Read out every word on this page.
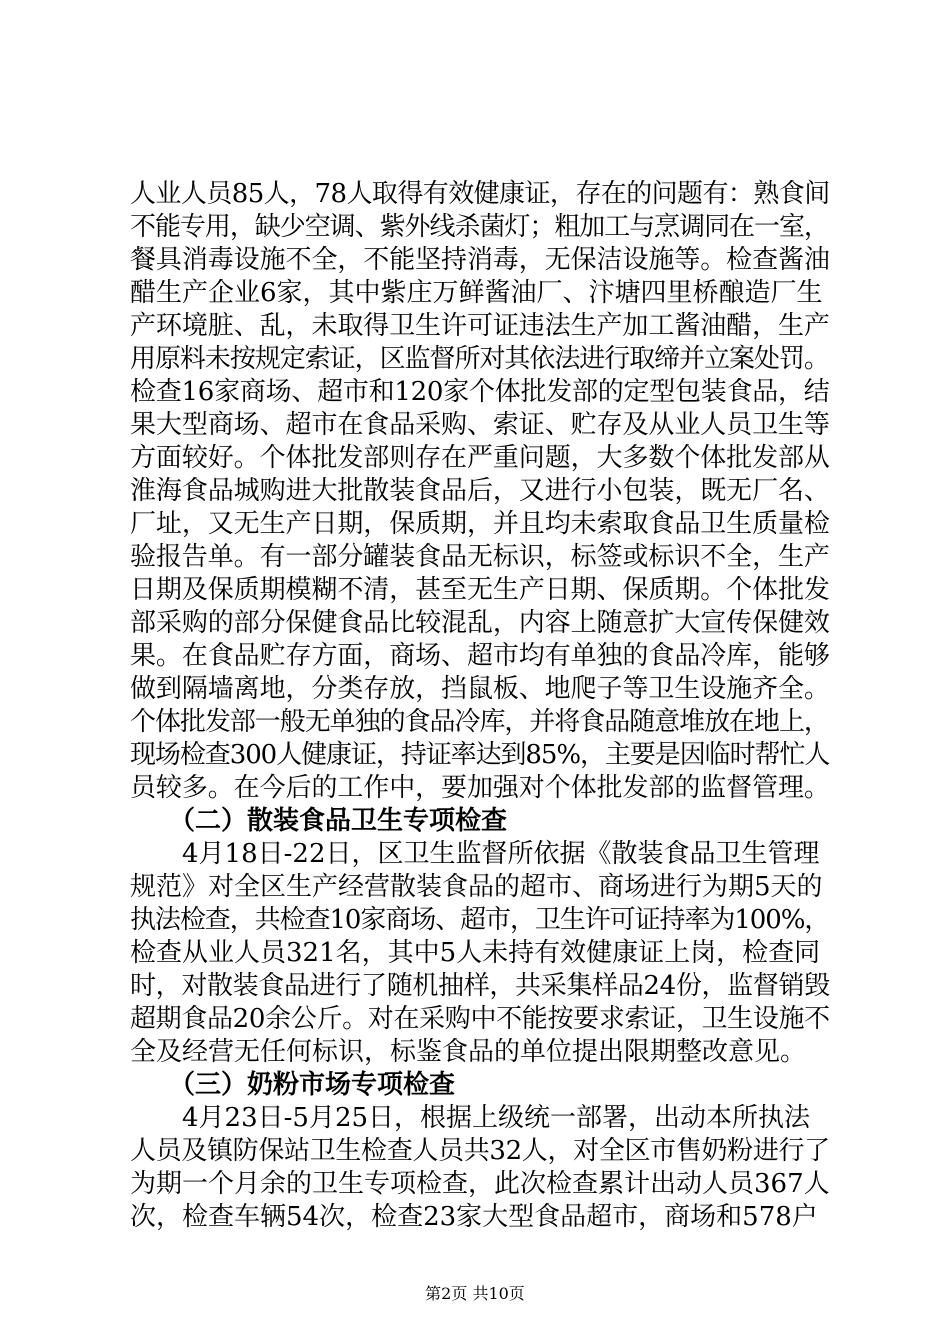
人业人员85人，78人取得有效健康证，存在的问题有：熟食间
不能专用，缺少空调、紫外线杀菌灯；粗加工与烹调同在一室，
餐具消毒设施不全，不能坚持消毒，无保洁设施等。检查酱油
醋生产企业6家，其中紫庄万鲜酱油厂、汴塘四里桥酿造厂生
产环境脏、乱，未取得卫生许可证违法生产加工酱油醋，生产
用原料未按规定索证，区监督所对其依法进行取缔并立案处罚。
检查16家商场、超市和120家个体批发部的定型包装食品，结
果大型商场、超市在食品采购、索证、贮存及从业人员卫生等
方面较好。个体批发部则存在严重问题，大多数个体批发部从
淮海食品城购进大批散装食品后，又进行小包装，既无厂名、
厂址，又无生产日期，保质期，并且均未索取食品卫生质量检
验报告单。有一部分罐装食品无标识，标签或标识不全，生产
日期及保质期模糊不清，甚至无生产日期、保质期。个体批发
部采购的部分保健食品比较混乱，内容上随意扩大宣传保健效
果。在食品贮存方面，商场、超市均有单独的食品冷库，能够
做到隔墙离地，分类存放，挡鼠板、地爬子等卫生设施齐全。
个体批发部一般无单独的食品冷库，并将食品随意堆放在地上，
现场检查300人健康证，持证率达到85%，主要是因临时帮忙人
员较多。在今后的工作中，要加强对个体批发部的监督管理。
　　（二）散装食品卫生专项检查
　　4月18日-22日，区卫生监督所依据《散装食品卫生管理
规范》对全区生产经营散装食品的超市、商场进行为期5天的
执法检查，共检查10家商场、超市，卫生许可证持率为100%，
检查从业人员321名，其中5人未持有效健康证上岗，检查同
时，对散装食品进行了随机抽样，共采集样品24份，监督销毁
超期食品20余公斤。对在采购中不能按要求索证，卫生设施不
全及经营无任何标识，标鉴食品的单位提出限期整改意见。
　　（三）奶粉市场专项检查
　　4月23日-5月25日，根据上级统一部署，出动本所执法
人员及镇防保站卫生检查人员共32人，对全区市售奶粉进行了
为期一个月余的卫生专项检查，此次检查累计出动人员367人
次，检查车辆54次，检查23家大型食品超市，商场和578户
第2页 共10页
